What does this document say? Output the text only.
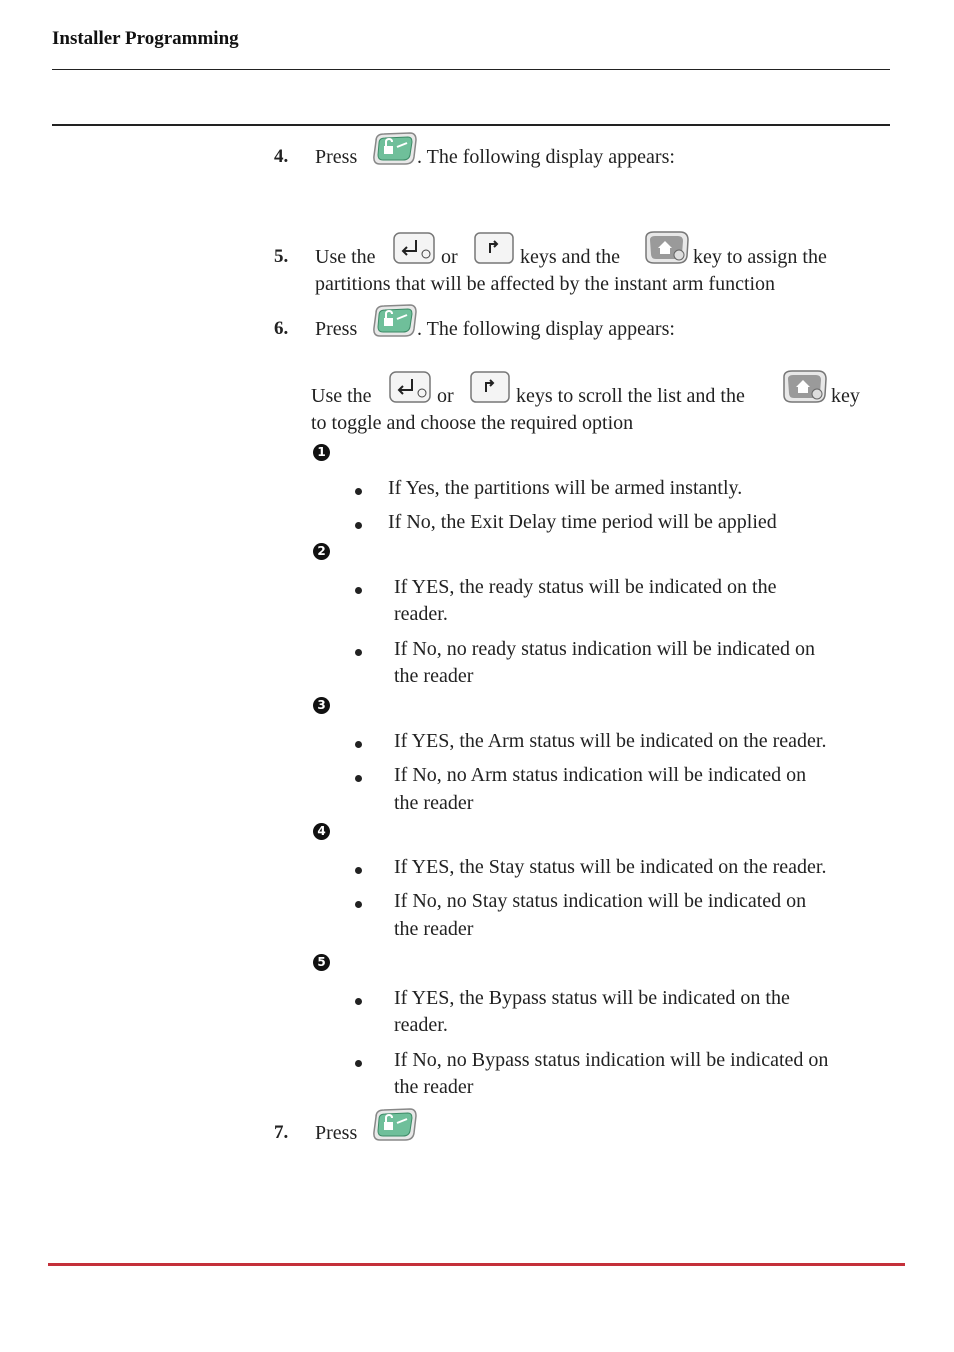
Installer Programming
4. Press	. The following display appears:
5. Use the	or	keys and the	key to assign the
partitions that will be affected by the instant arm function
6. Press	. The following display appears:
Use the	or	keys to scroll the list and the	key
to toggle and choose the required option
1
If Yes, the partitions will be armed instantly.
If No, the Exit Delay time period will be applied
2
If YES, the ready status will be indicated on the
reader.
If No, no ready status indication will be indicated on
the reader
3
If YES, the Arm status will be indicated on the reader.
If No, no Arm status indication will be indicated on
the reader
4
If YES, the Stay status will be indicated on the reader.
If No, no Stay status indication will be indicated on
the reader
5
If YES, the Bypass status will be indicated on the
reader.
If No, no Bypass status indication will be indicated on
the reader
7. Press
